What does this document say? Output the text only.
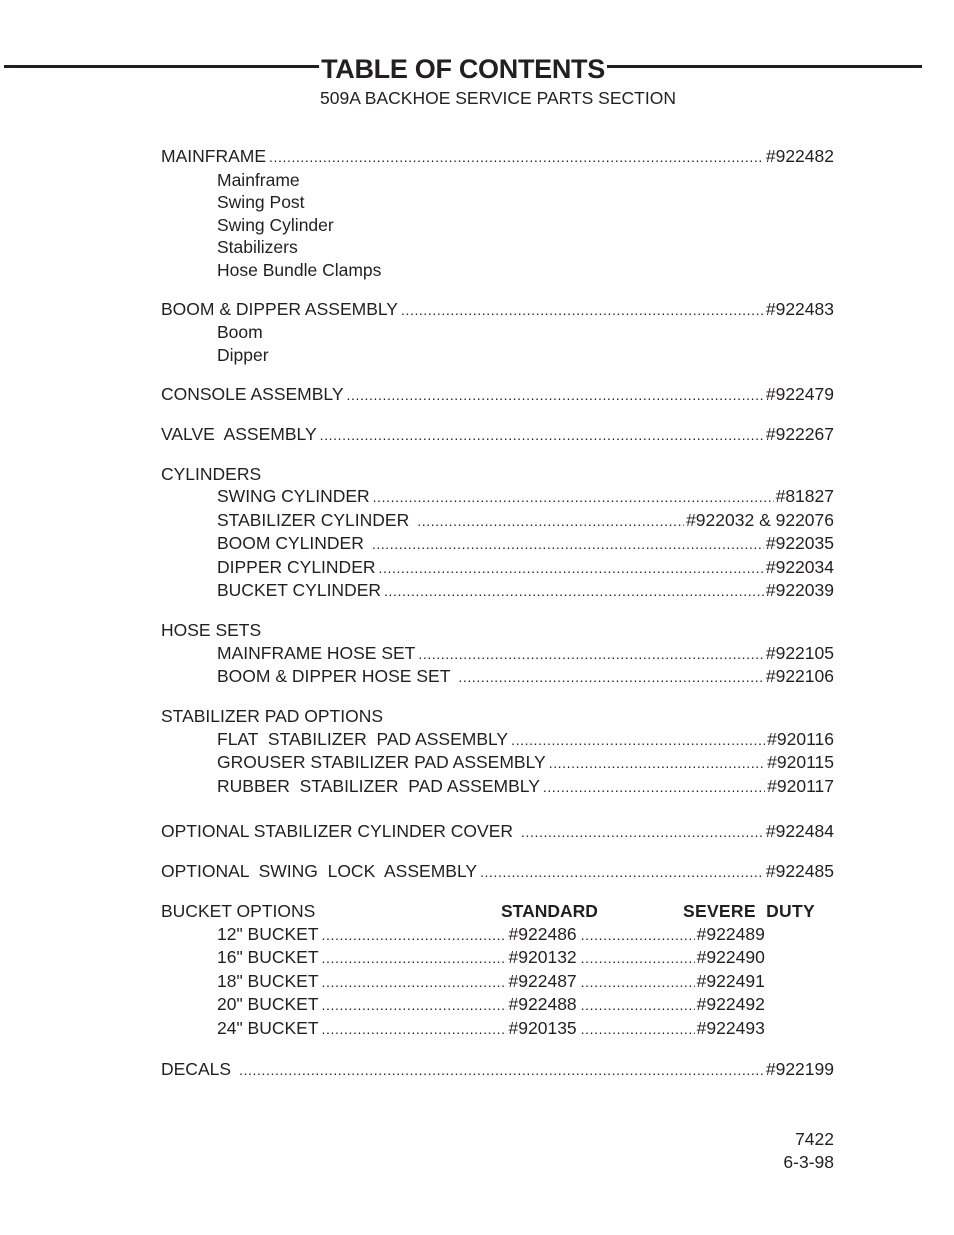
TABLE OF CONTENTS
509A BACKHOE SERVICE PARTS SECTION
MAINFRAME .....	#922482
Mainframe
Swing Post
Swing Cylinder
Stabilizers
Hose Bundle Clamps
BOOM & DIPPER ASSEMBLY .....	#922483
Boom
Dipper
CONSOLE ASSEMBLY .....	#922479
VALVE  ASSEMBLY .....	#922267
CYLINDERS
SWING CYLINDER .....	#81827
STABILIZER CYLINDER .....	#922032 & 922076
BOOM CYLINDER .....	#922035
DIPPER CYLINDER .....	#922034
BUCKET CYLINDER .....	#922039
HOSE SETS
MAINFRAME HOSE SET .....	#922105
BOOM & DIPPER HOSE SET .....	#922106
STABILIZER PAD OPTIONS
FLAT  STABILIZER  PAD ASSEMBLY .....	#920116
GROUSER STABILIZER PAD ASSEMBLY .....	#920115
RUBBER  STABILIZER  PAD ASSEMBLY .....	#920117
OPTIONAL STABILIZER CYLINDER COVER .....	#922484
OPTIONAL  SWING  LOCK  ASSEMBLY .....	#922485
BUCKET OPTIONS	STANDARD	SEVERE  DUTY
12" BUCKET .....	#922486 .....	#922489
16" BUCKET .....	#920132 .....	#922490
18" BUCKET .....	#922487 .....	#922491
20" BUCKET .....	#922488 .....	#922492
24" BUCKET .....	#920135 .....	#922493
DECALS .....	#922199
7422
6-3-98
